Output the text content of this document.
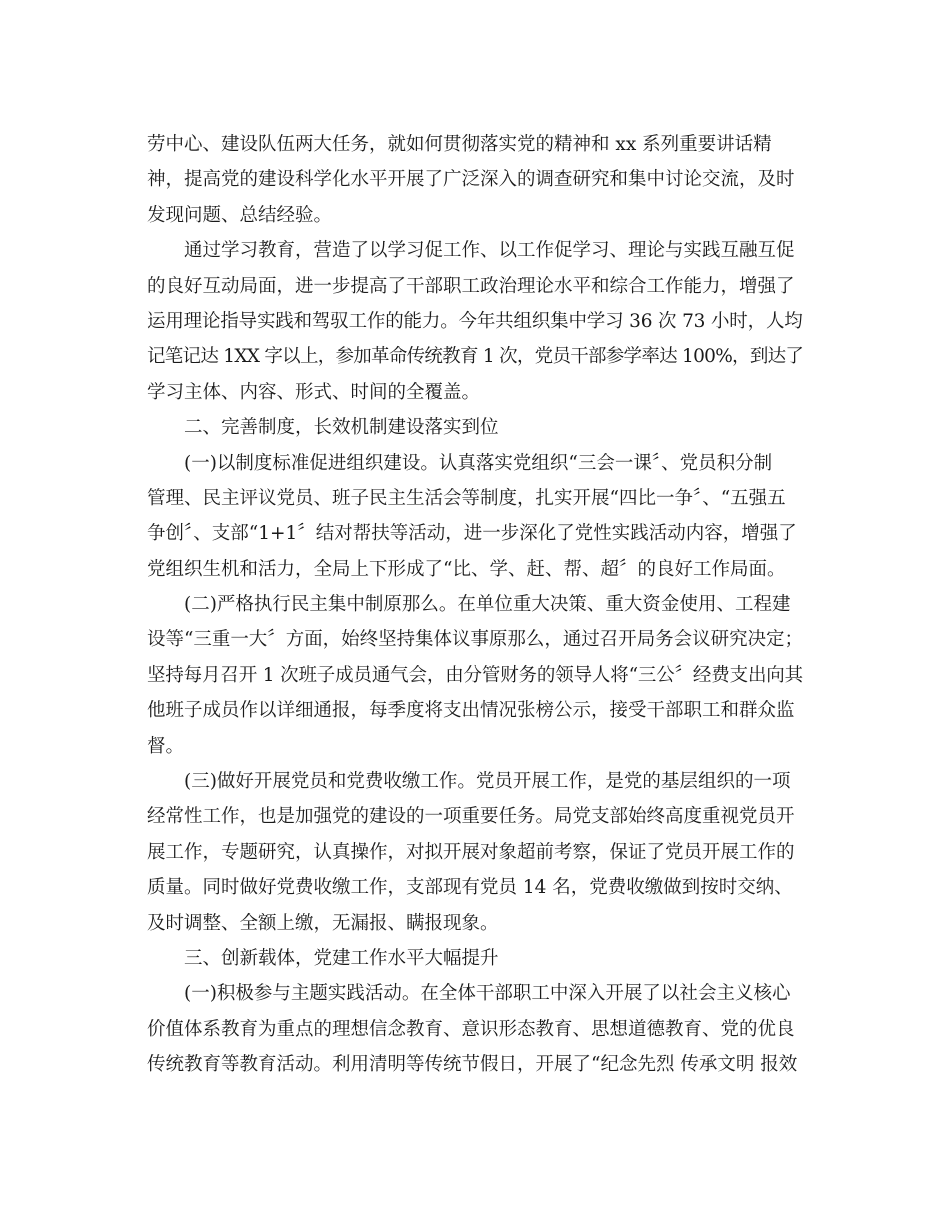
劳中心、建设队伍两大任务，就如何贯彻落实党的精神和 xx 系列重要讲话精
神，提高党的建设科学化水平开展了广泛深入的调查研究和集中讨论交流，及时
发现问题、总结经验。
通过学习教育，营造了以学习促工作、以工作促学习、理论与实践互融互促
的良好互动局面，进一步提高了干部职工政治理论水平和综合工作能力，增强了
运用理论指导实践和驾驭工作的能力。今年共组织集中学习 36 次 73 小时，人均
记笔记达 1XX 字以上，参加革命传统教育 1 次，党员干部参学率达 100%，到达了
学习主体、内容、形式、时间的全覆盖。
二、完善制度，长效机制建设落实到位
(一)以制度标准促进组织建设。认真落实党组织“三会一课〞、党员积分制
管理、民主评议党员、班子民主生活会等制度，扎实开展“四比一争〞、“五强五
争创〞、支部“1+1〞结对帮扶等活动，进一步深化了党性实践活动内容，增强了
党组织生机和活力，全局上下形成了“比、学、赶、帮、超〞的良好工作局面。
(二)严格执行民主集中制原那么。在单位重大决策、重大资金使用、工程建
设等“三重一大〞方面，始终坚持集体议事原那么，通过召开局务会议研究决定；
坚持每月召开 1 次班子成员通气会，由分管财务的领导人将“三公〞经费支出向其
他班子成员作以详细通报，每季度将支出情况张榜公示，接受干部职工和群众监
督。
(三)做好开展党员和党费收缴工作。党员开展工作，是党的基层组织的一项
经常性工作，也是加强党的建设的一项重要任务。局党支部始终高度重视党员开
展工作，专题研究，认真操作，对拟开展对象超前考察，保证了党员开展工作的
质量。同时做好党费收缴工作，支部现有党员 14 名，党费收缴做到按时交纳、
及时调整、全额上缴，无漏报、瞒报现象。
三、创新载体，党建工作水平大幅提升
(一)积极参与主题实践活动。在全体干部职工中深入开展了以社会主义核心
价值体系教育为重点的理想信念教育、意识形态教育、思想道德教育、党的优良
传统教育等教育活动。利用清明等传统节假日，开展了“纪念先烈 传承文明 报效
